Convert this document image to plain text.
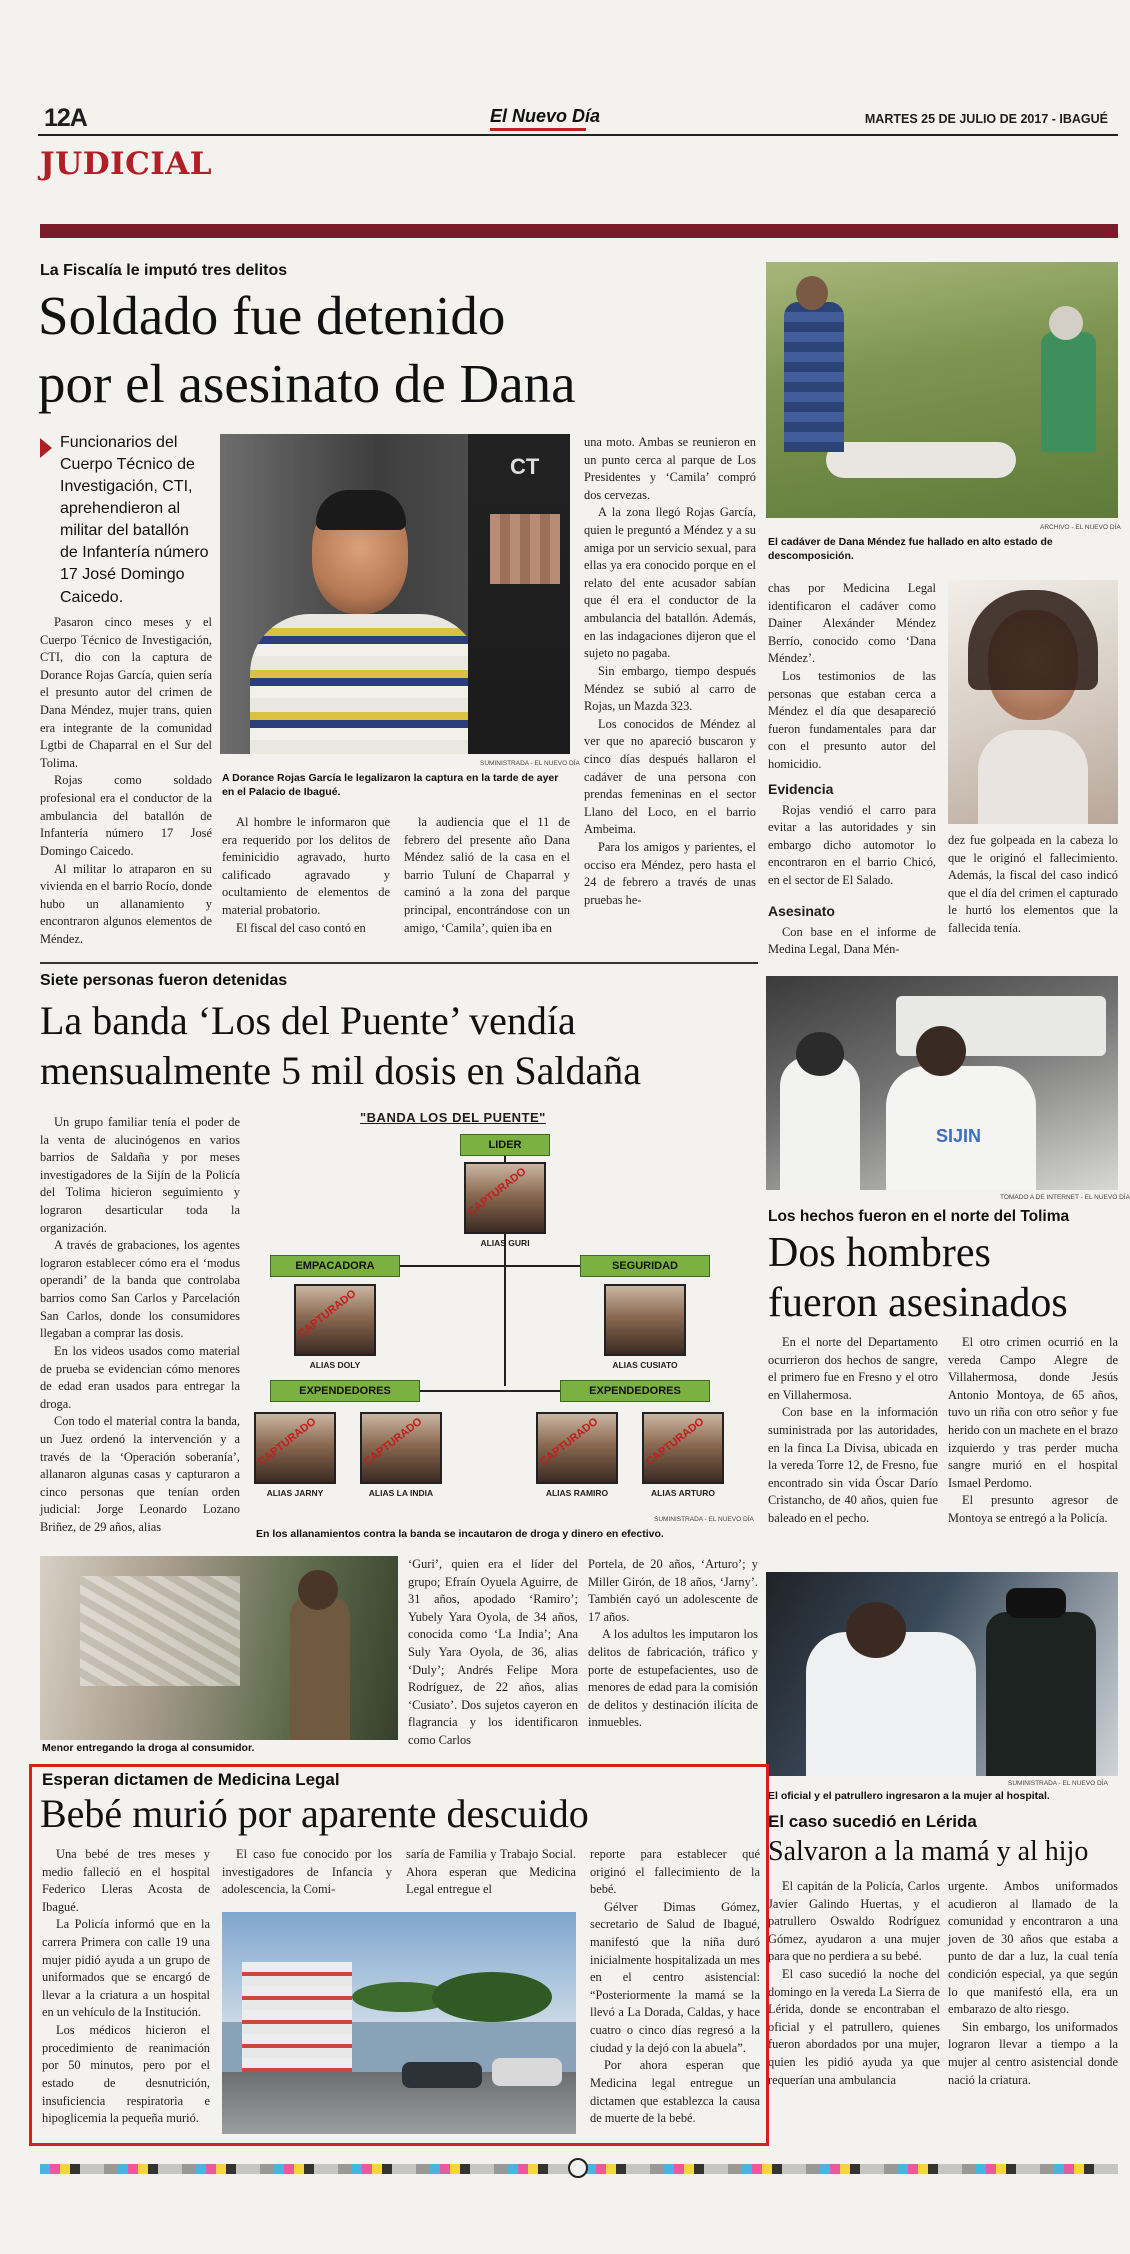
12A	El Nuevo Día	MARTES 25 DE JULIO DE 2017 - IBAGUÉ
JUDICIAL
La Fiscalía le imputó tres delitos
Soldado fue detenido
por el asesinato de Dana
Funcionarios del Cuerpo Técnico de Investigación, CTI, aprehendieron al militar del batallón de Infantería número 17 José Domingo Caicedo.

Pasaron cinco meses y el Cuerpo Técnico de Investigación, CTI, dio con la captura de Dorance Rojas García, quien sería el presunto autor del crimen de Dana Méndez, mujer trans, quien era integrante de la comunidad Lgtbi de Chaparral en el Sur del Tolima.

Rojas como soldado profesional era el conductor de la ambulancia del batallón de Infantería número 17 José Domingo Caicedo.

Al militar lo atraparon en su vivienda en el barrio Rocío, donde hubo un allanamiento y encontraron algunos elementos de Méndez.

CT
SUMINISTRADA - EL NUEVO DÍA
A Dorance Rojas García le legalizaron la captura en la tarde de ayer en el Palacio de Ibagué.

Al hombre le informaron que era requerido por los delitos de feminicidio agravado, hurto calificado agravado y ocultamiento de elementos de material probatorio.

El fiscal del caso contó en

la audiencia que el 11 de febrero del presente año Dana Méndez salió de la casa en el barrio Tuluní de Chaparral y caminó a la zona del parque principal, encontrándose con un amigo, ‘Camila’, quien iba en

una moto. Ambas se reunieron en un punto cerca al parque de Los Presidentes y ‘Camila’ compró dos cervezas.

A la zona llegó Rojas García, quien le preguntó a Méndez y a su amiga por un servicio sexual, para ellas ya era conocido porque en el relato del ente acusador sabían que él era el conductor de la ambulancia del batallón. Además, en las indagaciones dijeron que el sujeto no pagaba.

Sin embargo, tiempo después Méndez se subió al carro de Rojas, un Mazda 323.

Los conocidos de Méndez al ver que no apareció buscaron y cinco días después hallaron el cadáver de una persona con prendas femeninas en el sector Llano del Loco, en el barrio Ambeima.

Para los amigos y parientes, el occiso era Méndez, pero hasta el 24 de febrero a través de unas pruebas he-

ARCHIVO - EL NUEVO DÍA
El cadáver de Dana Méndez fue hallado en alto estado de descomposición.

chas por Medicina Legal identificaron el cadáver como Dainer Alexánder Méndez Berrío, conocido como ‘Dana Méndez’.

Los testimonios de las personas que estaban cerca a Méndez el día que desapareció fueron fundamentales para dar con el presunto autor del homicidio.

Evidencia

Rojas vendió el carro para evitar a las autoridades y sin embargo dicho automotor lo encontraron en el barrio Chicó, en el sector de El Salado.

Asesinato

Con base en el informe de Medina Legal, Dana Mén-

dez fue golpeada en la cabeza lo que le originó el fallecimiento. Además, la fiscal del caso indicó que el día del crimen el capturado le hurtó los elementos que la fallecida tenía.

Siete personas fueron detenidas
La banda ‘Los del Puente’ vendía
mensualmente 5 mil dosis en Saldaña

Un grupo familiar tenía el poder de la venta de alucinógenos en varios barrios de Saldaña y por meses investigadores de la Sijín de la Policía del Tolima hicieron seguimiento y lograron desarticular toda la organización.

A través de grabaciones, los agentes lograron establecer cómo era el ‘modus operandi’ de la banda que controlaba barrios como San Carlos y Parcelación San Carlos, donde los consumidores llegaban a comprar las dosis.

En los videos usados como material de prueba se evidencian cómo menores de edad eran usados para entregar la droga.

Con todo el material contra la banda, un Juez ordenó la intervención y a través de la ‘Operación soberanía’, allanaron algunas casas y capturaron a cinco personas que tenían orden judicial: Jorge Leonardo Lozano Briñez, de 29 años, alias

"BANDA LOS DEL PUENTE"
LIDER
CAPTURADO
ALIAS GURI
EMPACADORA	SEGURIDAD
CAPTURADO
ALIAS DOLY	ALIAS CUSIATO
EXPENDEDORES	EXPENDEDORES
CAPTURADO
ALIAS JARNY
CAPTURADO
ALIAS LA INDIA
CAPTURADO
ALIAS RAMIRO
CAPTURADO
ALIAS ARTURO
SUMINISTRADA - EL NUEVO DÍA
En los allanamientos contra la banda se incautaron de droga y dinero en efectivo.
Menor entregando la droga al consumidor.

‘Guri’, quien era el líder del grupo; Efraín Oyuela Aguirre, de 31 años, apodado ‘Ramiro’; Yubely Yara Oyola, de 34 años, conocida como ‘La India’; Ana Suly Yara Oyola, de 36, alias ‘Duly’; Andrés Felipe Mora Rodríguez, de 22 años, alias ‘Cusiato’. Dos sujetos cayeron en flagrancia y los identificaron como Carlos

Portela, de 20 años, ‘Arturo’; y Miller Girón, de 18 años, ‘Jarny’. También cayó un adolescente de 17 años.

A los adultos les imputaron los delitos de fabricación, tráfico y porte de estupefacientes, uso de menores de edad para la comisión de delitos y destinación ilícita de inmuebles.

SIJIN
TOMADO A DE INTERNET - EL NUEVO DÍA
Los hechos fueron en el norte del Tolima
Dos hombres
fueron asesinados

En el norte del Departamento ocurrieron dos hechos de sangre, el primero fue en Fresno y el otro en Villahermosa.

Con base en la información suministrada por las autoridades, en la finca La Divisa, ubicada en la vereda Torre 12, de Fresno, fue encontrado sin vida Óscar Darío Cristancho, de 40 años, quien fue baleado en el pecho.

El otro crimen ocurrió en la vereda Campo Alegre de Villahermosa, donde Jesús Antonio Montoya, de 65 años, tuvo un riña con otro señor y fue herido con un machete en el brazo izquierdo y tras perder mucha sangre murió en el hospital Ismael Perdomo.

El presunto agresor de Montoya se entregó a la Policía.

SUMINISTRADA - EL NUEVO DÍA
El oficial y el patrullero ingresaron a la mujer al hospital.
El caso sucedió en Lérida
Salvaron a la mamá y al hijo

El capitán de la Policía, Carlos Javier Galindo Huertas, y el patrullero Oswaldo Rodríguez Gómez, ayudaron a una mujer para que no perdiera a su bebé.

El caso sucedió la noche del domingo en la vereda La Sierra de Lérida, donde se encontraban el oficial y el patrullero, quienes fueron abordados por una mujer, quien les pidió ayuda ya que requerían una ambulancia

urgente. Ambos uniformados acudieron al llamado de la comunidad y encontraron a una joven de 30 años que estaba a punto de dar a luz, la cual tenía condición especial, ya que según lo que manifestó ella, era un embarazo de alto riesgo.

Sin embargo, los uniformados lograron llevar a tiempo a la mujer al centro asistencial donde nació la criatura.

Esperan dictamen de Medicina Legal
Bebé murió por aparente descuido

Una bebé de tres meses y medio falleció en el hospital Federico Lleras Acosta de Ibagué.

La Policía informó que en la carrera Primera con calle 19 una mujer pidió ayuda a un grupo de uniformados que se encargó de llevar a la criatura a un hospital en un vehículo de la Institución.

Los médicos hicieron el procedimiento de reanimación por 50 minutos, pero por el estado de desnutrición, insuficiencia respiratoria e hipoglicemia la pequeña murió.

El caso fue conocido por los investigadores de Infancia y adolescencia, la Comi-

saría de Familia y Trabajo Social. Ahora esperan que Medicina Legal entregue el

reporte para establecer qué originó el fallecimiento de la bebé.

Gélver Dimas Gómez, secretario de Salud de Ibagué, manifestó que la niña duró inicialmente hospitalizada un mes en el centro asistencial: “Posteriormente la mamá se la llevó a La Dorada, Caldas, y hace cuatro o cinco días regresó a la ciudad y la dejó con la abuela”.

Por ahora esperan que Medicina legal entregue un dictamen que establezca la causa de muerte de la bebé.
